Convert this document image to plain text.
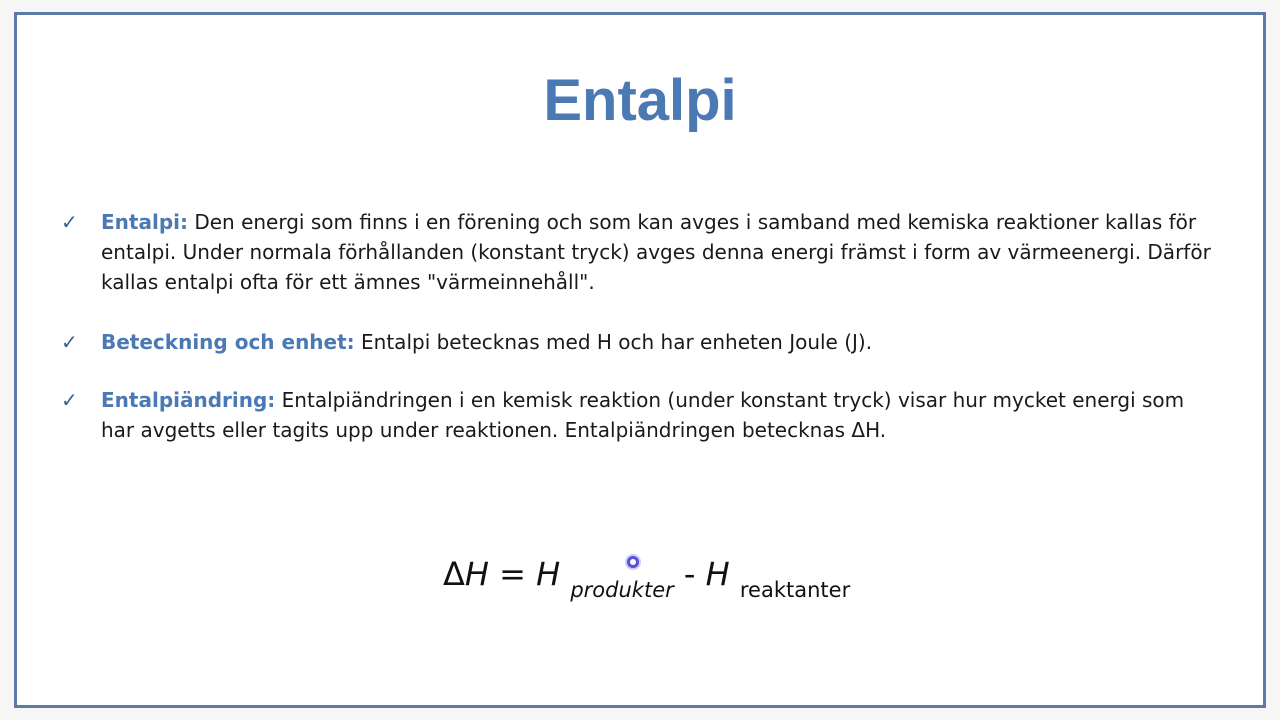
Entalpi
✓ Entalpi: Den energi som finns i en förening och som kan avges i samband med kemiska reaktioner kallas för entalpi. Under normala förhållanden (konstant tryck) avges denna energi främst i form av värmeenergi. Därför kallas entalpi ofta för ett ämnes "värmeinnehåll".
✓ Beteckning och enhet: Entalpi betecknas med H och har enheten Joule (J).
✓ Entalpiändring: Entalpiändringen i en kemisk reaktion (under konstant tryck) visar hur mycket energi som har avgetts eller tagits upp under reaktionen. Entalpiändringen betecknas ΔH.
ΔH = H $_{produkter}$ - H $_{reaktanter}$
